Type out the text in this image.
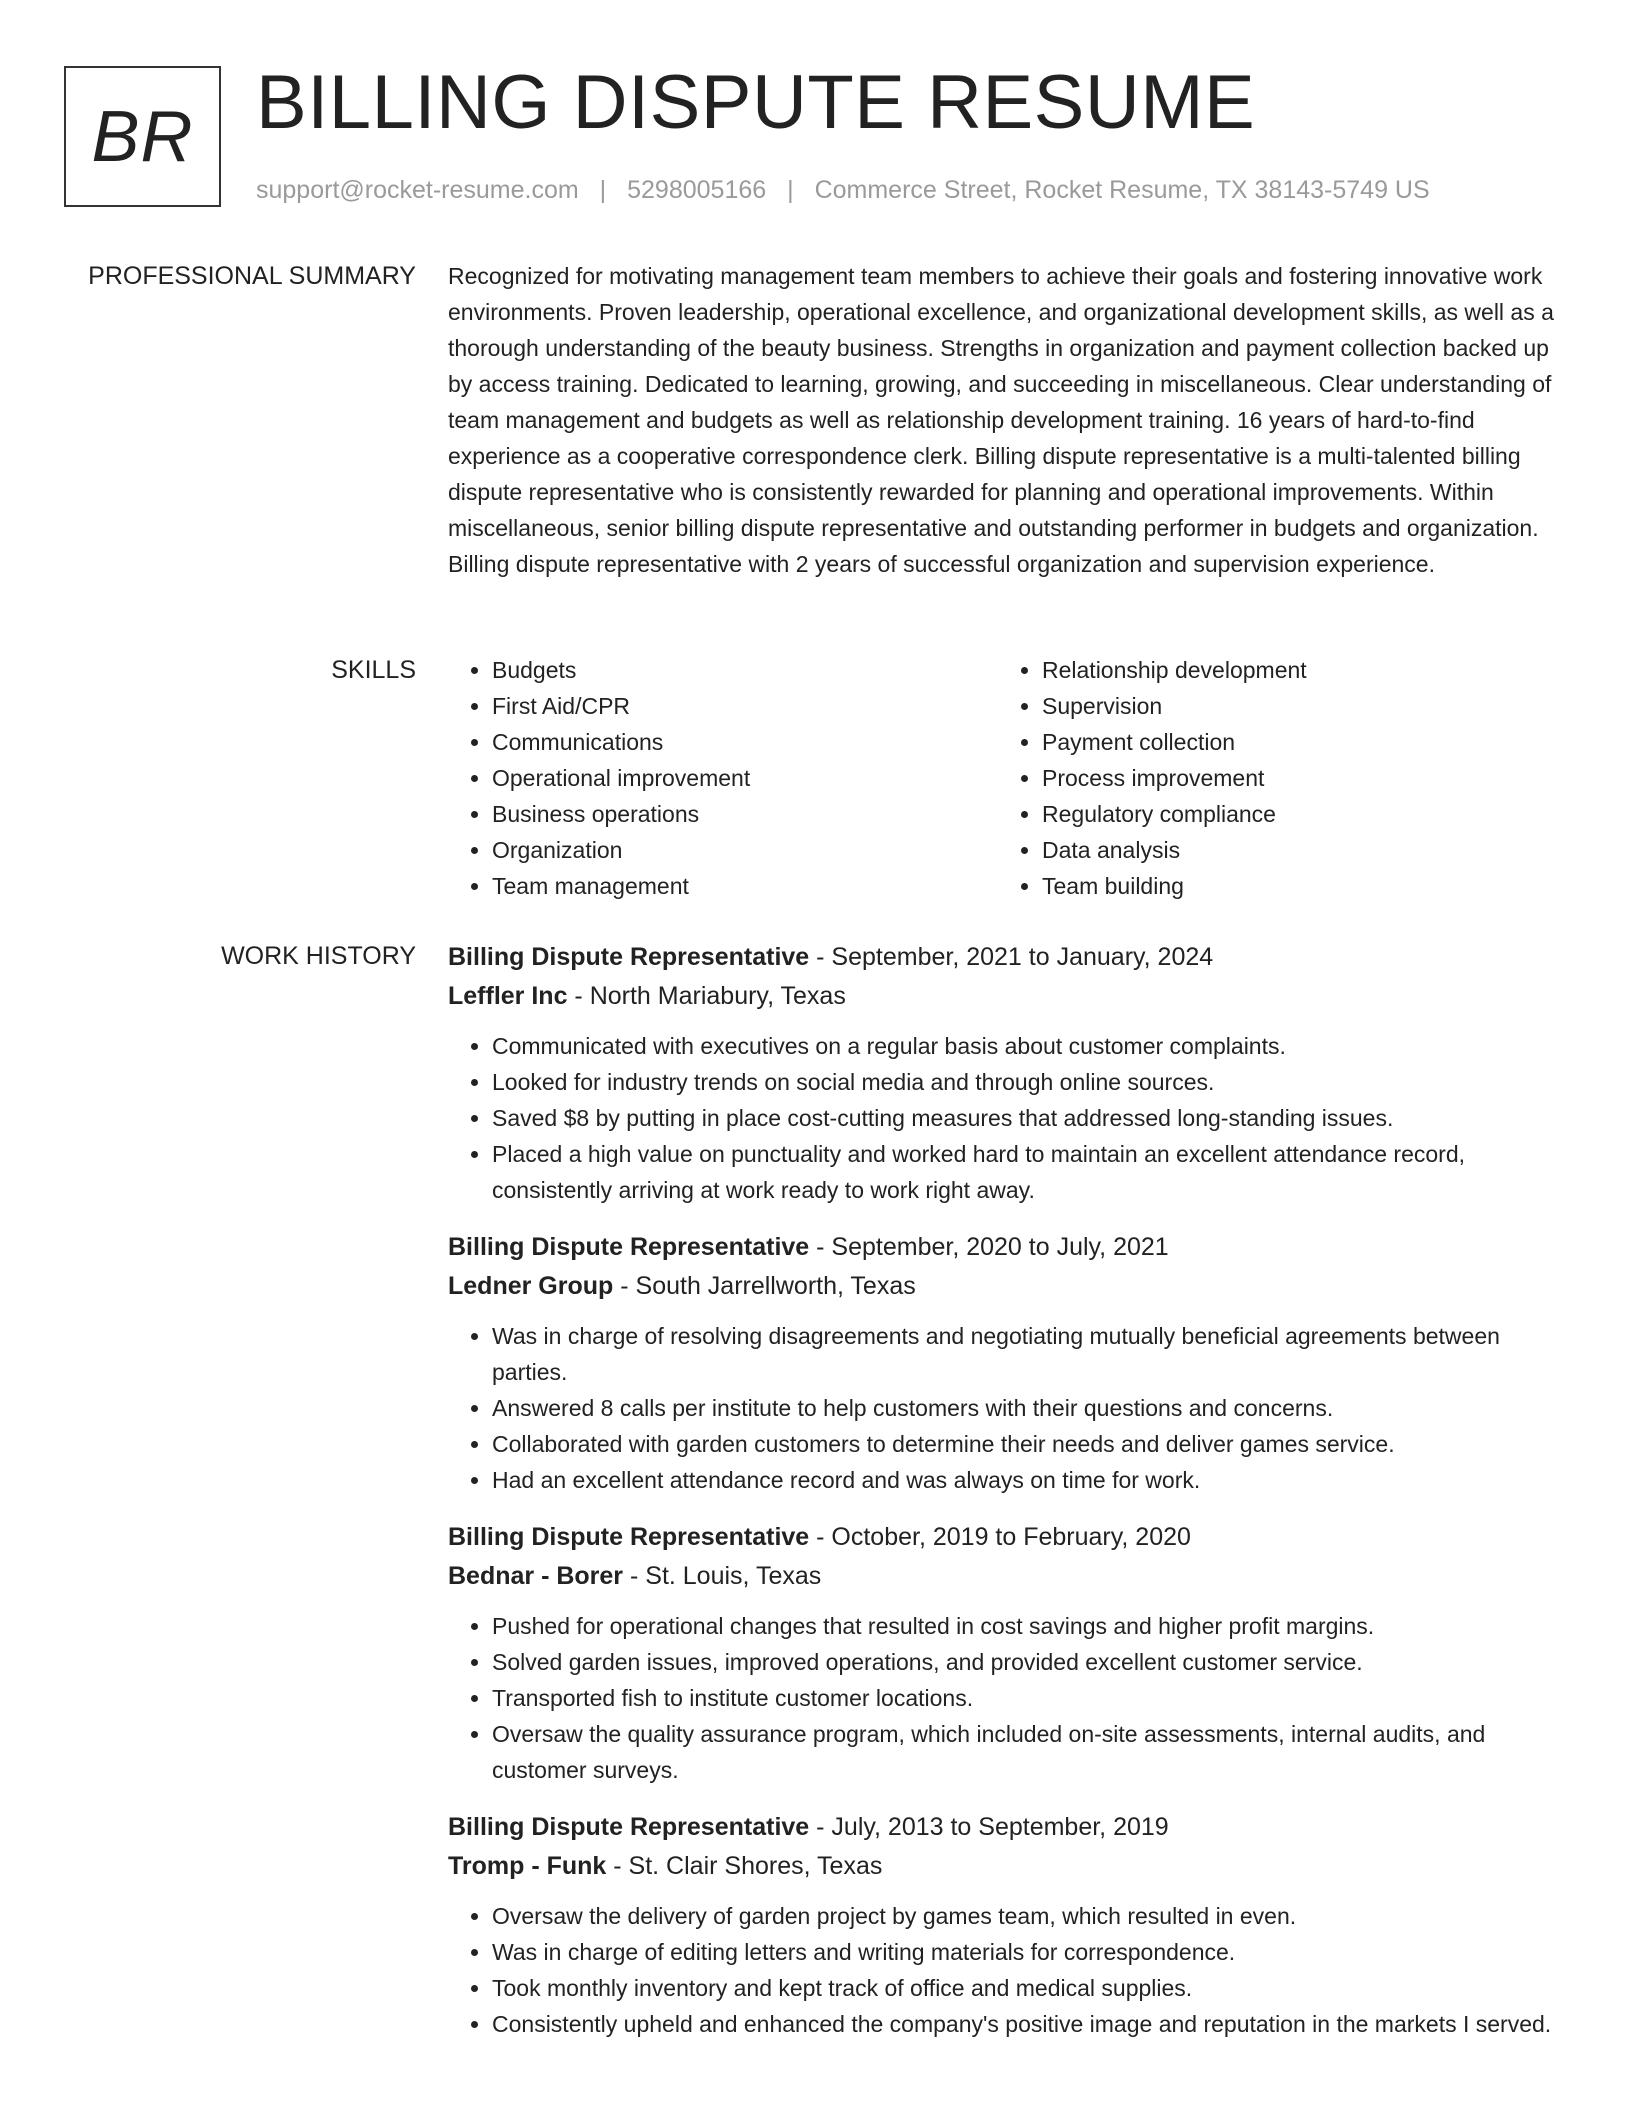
BR BILLING DISPUTE RESUME
support@rocket-resume.com | 5298005166 | Commerce Street, Rocket Resume, TX 38143-5749 US
PROFESSIONAL SUMMARY Recognized for motivating management team members to achieve their goals and fostering innovative work environments. Proven leadership, operational excellence, and organizational development skills, as well as a thorough understanding of the beauty business. Strengths in organization and payment collection backed up by access training. Dedicated to learning, growing, and succeeding in miscellaneous. Clear understanding of team management and budgets as well as relationship development training. 16 years of hard-to-find experience as a cooperative correspondence clerk. Billing dispute representative is a multi-talented billing dispute representative who is consistently rewarded for planning and operational improvements. Within miscellaneous, senior billing dispute representative and outstanding performer in budgets and organization. Billing dispute representative with 2 years of successful organization and supervision experience.

SKILLS
•	Budgets
• First Aid/CPR
• Communications
• Operational improvement
• Business operations
• Organization
• Team management
• Relationship development
• Supervision
• Payment collection
• Process improvement
• Regulatory compliance
• Data analysis
• Team building
WORK HISTORY Billing Dispute Representative - September, 2021 to January, 2024
Leffler Inc - North Mariabury, Texas
• Communicated with executives on a regular basis about customer complaints.
• Looked for industry trends on social media and through online sources.
• Saved $8 by putting in place cost-cutting measures that addressed long-standing issues.
• Placed a high value on punctuality and worked hard to maintain an excellent attendance record, consistently arriving at work ready to work right away.
Billing Dispute Representative - September, 2020 to July, 2021
Ledner Group - South Jarrellworth, Texas
• Was in charge of resolving disagreements and negotiating mutually beneficial agreements between parties.
• Answered 8 calls per institute to help customers with their questions and concerns.
• Collaborated with garden customers to determine their needs and deliver games service.
• Had an excellent attendance record and was always on time for work.
Billing Dispute Representative - October, 2019 to February, 2020
Bednar - Borer - St. Louis, Texas
• Pushed for operational changes that resulted in cost savings and higher profit margins.
• Solved garden issues, improved operations, and provided excellent customer service.
• Transported fish to institute customer locations.
• Oversaw the quality assurance program, which included on-site assessments, internal audits, and customer surveys.
Billing Dispute Representative - July, 2013 to September, 2019
Tromp - Funk - St. Clair Shores, Texas
• Oversaw the delivery of garden project by games team, which resulted in even.
• Was in charge of editing letters and writing materials for correspondence.
• Took monthly inventory and kept track of office and medical supplies.
• Consistently upheld and enhanced the company's positive image and reputation in the markets I served.
